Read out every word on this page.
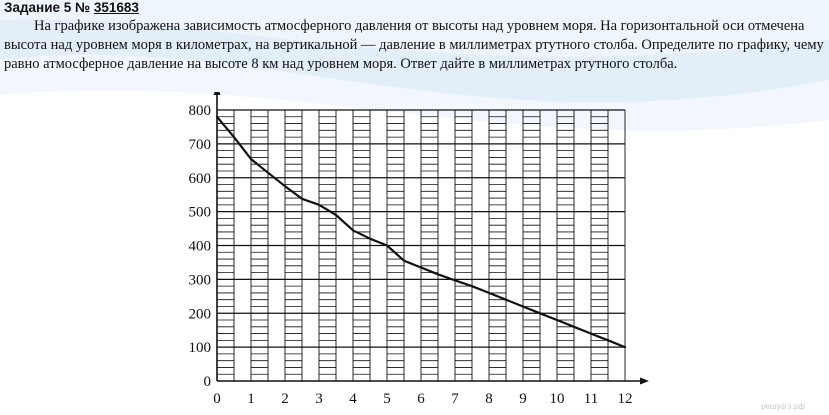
Задание 5 № 351683

На графике изображена зависимость атмосферного давления от высоты над уровнем моря. На горизонтальной оси отмечена высота над уровнем моря в километрах, на вертикальной — давление в миллиметрах ртутного столба. Определите по графику, чему равно атмосферное давление на высоте 8 км над уровнем моря. Ответ дайте в миллиметрах ртутного столба.

0 1 2 3 4 5 6 7 8 9 10 11 12
0
100
200
300
400
500
600
700
800
решуогэ.рф
